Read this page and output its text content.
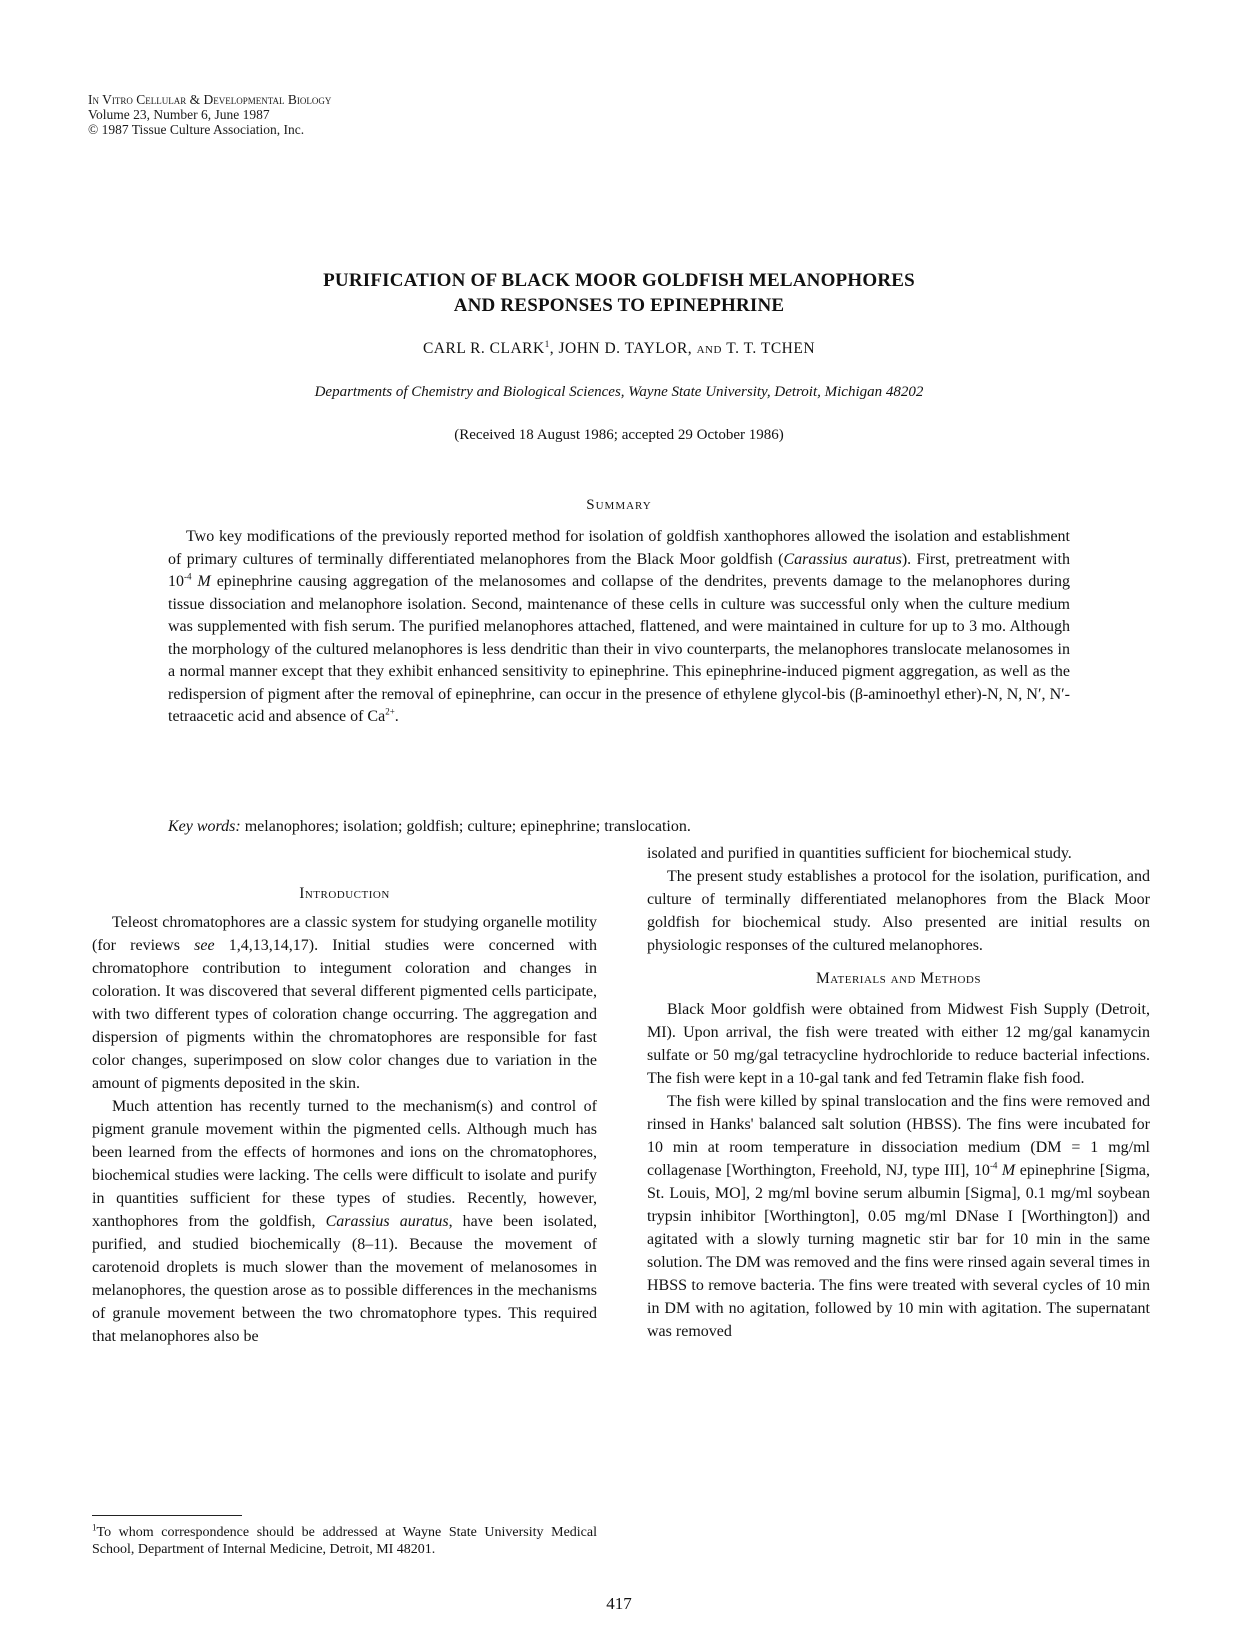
In Vitro Cellular & Developmental Biology
Volume 23, Number 6, June 1987
© 1987 Tissue Culture Association, Inc.
PURIFICATION OF BLACK MOOR GOLDFISH MELANOPHORES
AND RESPONSES TO EPINEPHRINE
CARL R. CLARK$^1$, JOHN D. TAYLOR, and T. T. TCHEN
Departments of Chemistry and Biological Sciences, Wayne State University, Detroit, Michigan 48202
(Received 18 August 1986; accepted 29 October 1986)
Summary
Two key modifications of the previously reported method for isolation of goldfish xanthophores allowed the isolation and establishment of primary cultures of terminally differentiated melanophores from the Black Moor goldfish (Carassius auratus). First, pretreatment with $10^{-4}$ M epinephrine causing aggregation of the melanosomes and collapse of the dendrites, prevents damage to the melanophores during tissue dissociation and melanophore isolation. Second, maintenance of these cells in culture was successful only when the culture medium was supplemented with fish serum. The purified melanophores attached, flattened, and were maintained in culture for up to 3 mo. Although the morphology of the cultured melanophores is less dendritic than their in vivo counterparts, the melanophores translocate melanosomes in a normal manner except that they exhibit enhanced sensitivity to epinephrine. This epinephrine-induced pigment aggregation, as well as the redispersion of pigment after the removal of epinephrine, can occur in the presence of ethylene glycol-bis (β-aminoethyl ether)-N, N, N′, N′-tetraacetic acid and absence of $Ca^{2+}$.
Key words: melanophores; isolation; goldfish; culture; epinephrine; translocation.
Introduction

Teleost chromatophores are a classic system for studying organelle motility (for reviews see 1,4,13,14,17). Initial studies were concerned with chromatophore contribution to integument coloration and changes in coloration. It was discovered that several different pigmented cells participate, with two different types of coloration change occurring. The aggregation and dispersion of pigments within the chromatophores are responsible for fast color changes, superimposed on slow color changes due to variation in the amount of pigments deposited in the skin.

Much attention has recently turned to the mechanism(s) and control of pigment granule movement within the pigmented cells. Although much has been learned from the effects of hormones and ions on the chromatophores, biochemical studies were lacking. The cells were difficult to isolate and purify in quantities sufficient for these types of studies. Recently, however, xanthophores from the goldfish, Carassius auratus, have been isolated, purified, and studied biochemically (8–11). Because the movement of carotenoid droplets is much slower than the movement of melanosomes in melanophores, the question arose as to possible differences in the mechanisms of granule movement between the two chromatophore types. This required that melanophores also be

isolated and purified in quantities sufficient for biochemical study.

The present study establishes a protocol for the isolation, purification, and culture of terminally differentiated melanophores from the Black Moor goldfish for biochemical study. Also presented are initial results on physiologic responses of the cultured melanophores.

Materials and Methods

Black Moor goldfish were obtained from Midwest Fish Supply (Detroit, MI). Upon arrival, the fish were treated with either 12 mg/gal kanamycin sulfate or 50 mg/gal tetracycline hydrochloride to reduce bacterial infections. The fish were kept in a 10-gal tank and fed Tetramin flake fish food.

The fish were killed by spinal translocation and the fins were removed and rinsed in Hanks' balanced salt solution (HBSS). The fins were incubated for 10 min at room temperature in dissociation medium (DM = 1 mg/ml collagenase [Worthington, Freehold, NJ, type III], $10^{-4}$ M epinephrine [Sigma, St. Louis, MO], 2 mg/ml bovine serum albumin [Sigma], 0.1 mg/ml soybean trypsin inhibitor [Worthington], 0.05 mg/ml DNase I [Worthington]) and agitated with a slowly turning magnetic stir bar for 10 min in the same solution. The DM was removed and the fins were rinsed again several times in HBSS to remove bacteria. The fins were treated with several cycles of 10 min in DM with no agitation, followed by 10 min with agitation. The supernatant was removed

$^1$To whom correspondence should be addressed at Wayne State University Medical School, Department of Internal Medicine, Detroit, MI 48201.
417
